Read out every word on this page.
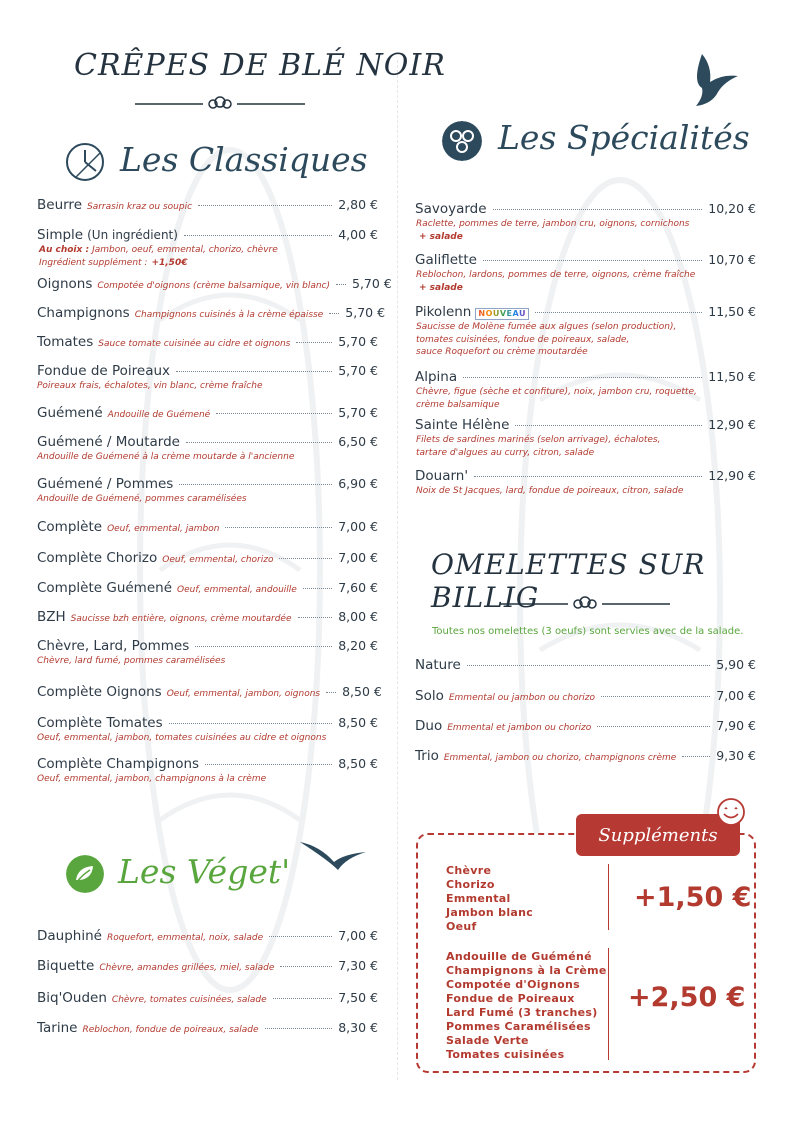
CRÊPES DE BLÉ NOIR
Les Classiques
Beurre Sarrasin kraz ou soupic	2,80 €
Simple (Un ingrédient)	4,00 €
Au choix : Jambon, oeuf, emmental, chorizo, chèvre
Ingrédient supplément : +1,50€
Oignons Compotée d'oignons (crème balsamique, vin blanc) 5,70 €
Champignons Champignons cuisinés à la crème épaisse 5,70 €
Tomates Sauce tomate cuisinée au cidre et oignons	5,70 €
Fondue de Poireaux	5,70 €
Poireaux frais, échalotes, vin blanc, crème fraîche
Guémené Andouille de Guémené	5,70 €
Guémené / Moutarde	6,50 €
Andouille de Guémené à la crème moutarde à l'ancienne
Guémené / Pommes	6,90 €
Andouille de Guémené, pommes caramélisées
Complète Oeuf, emmental, jambon	7,00 €
Complète Chorizo Oeuf, emmental, chorizo	7,00 €
Complète Guémené Oeuf, emmental, andouille	7,60 €
BZH Saucisse bzh entière, oignons, crème moutardée	8,00 €
Chèvre, Lard, Pommes	8,20 €
Chèvre, lard fumé, pommes caramélisées
Complète Oignons Oeuf, emmental, jambon, oignons 8,50 €
Complète Tomates	8,50 €
Oeuf, emmental, jambon, tomates cuisinées au cidre et oignons
Complète Champignons	8,50 €
Oeuf, emmental, jambon, champignons à la crème
Les Véget'
Dauphiné Roquefort, emmental, noix, salade	7,00 €
Biquette Chèvre, amandes grillées, miel, salade	7,30 €
Biq'Ouden Chèvre, tomates cuisinées, salade	7,50 €
Tarine Reblochon, fondue de poireaux, salade	8,30 €
Les Spécialités
Savoyarde	10,20 €
Raclette, pommes de terre, jambon cru, oignons, cornichons
+ salade
Galiflette	10,70 €
Reblochon, lardons, pommes de terre, oignons, crème fraîche
+ salade
Pikolenn NOUVEAU	11,50 €
Saucisse de Molène fumée aux algues (selon production),
tomates cuisinées, fondue de poireaux, salade,
sauce Roquefort ou crème moutardée
Alpina	11,50 €
Chèvre, figue (sèche et confiture), noix, jambon cru, roquette,
crème balsamique
Sainte Hélène	12,90 €
Filets de sardines marinés (selon arrivage), échalotes,
tartare d'algues au curry, citron, salade
Douarn'	12,90 €
Noix de St Jacques, lard, fondue de poireaux, citron, salade
OMELETTES SUR BILLIG
Toutes nos omelettes (3 oeufs) sont servies avec de la salade.
Nature	5,90 €
Solo Emmental ou jambon ou chorizo	7,00 €
Duo Emmental et jambon ou chorizo	7,90 €
Trio Emmental, jambon ou chorizo, champignons crème	9,30 €
Suppléments
Chèvre
Chorizo
Emmental
Jambon blanc
Oeuf
+1,50 €
Andouille de Guéméné
Champignons à la Crème
Compotée d'Oignons
Fondue de Poireaux
Lard Fumé (3 tranches)
Pommes Caramélisées
Salade Verte
Tomates cuisinées
+2,50 €
